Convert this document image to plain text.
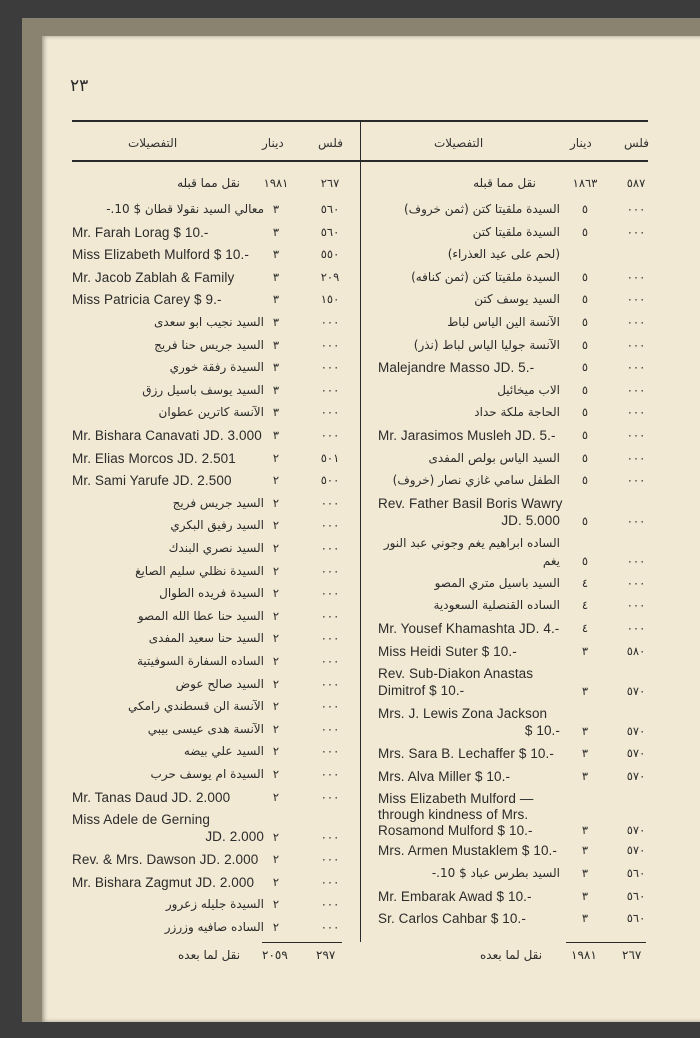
٢٣
فلس
دينار
التفصيلات
فلس
دينار
التفصيلات
٥٨٧
١٨٦٣
نقل مما قبله
٠٠٠
٥
السيدة ملقيتا كتن (ثمن خروف)
٠٠٠
٥
السيدة ملقيتا كتن
(لحم على عيد العذراء)
٠٠٠
٥
السيدة ملقيتا كتن (ثمن كنافه)
٠٠٠
٥
السيد يوسف كتن
٠٠٠
٥
الآنسة الين الياس لباط
٠٠٠
٥
الآنسة جوليا الياس لباط (نذر)
٠٠٠
٥
Malejandre Masso JD. 5.-
٠٠٠
٥
الاب ميخائيل
٠٠٠
٥
الحاجة ملكة حداد
٠٠٠
٥
Mr. Jarasimos Musleh JD. 5.-
٠٠٠
٥
السيد الياس بولص المفدى
٠٠٠
٥
الطفل سامي غازي نصار (خروف)
٠٠٠
٥
Rev. Father Basil Boris Wawry
JD. 5.000
٠٠٠
٥
الساده ابراهيم يغم وجوني عبد النور
يغم
٠٠٠
٤
السيد باسيل متري المصو
٠٠٠
٤
الساده القنصلية السعودية
٠٠٠
٤
Mr. Yousef Khamashta JD. 4.-
٥٨٠
٣
Miss Heidi Suter $ 10.-
٥٧٠
٣
Rev. Sub-Diakon Anastas
Dimitrof $ 10.-
٥٧٠
٣
Mrs. J. Lewis Zona Jackson
$ 10.-
٥٧٠
٣
Mrs. Sara B. Lechaffer $ 10.-
٥٧٠
٣
Mrs. Alva Miller $ 10.-
٥٧٠
٣
Miss Elizabeth Mulford —
through kindness of Mrs.
Rosamond Mulford $ 10.-
٥٧٠
٣
Mrs. Armen Mustaklem $ 10.-
٥٦٠
٣
السيد بطرس عباد $ 10.-
٥٦٠
٣
Mr. Embarak Awad $ 10.-
٥٦٠
٣
Sr. Carlos Cahbar $ 10.-
٢٦٧
١٩٨١
نقل مما قبله
٥٦٠
٣
معالي السيد نقولا قطان $ 10.-
٥٦٠
٣
Mr. Farah Lorag $ 10.-
٥٥٠
٣
Miss Elizabeth Mulford $ 10.-
٢٠٩
٣
Mr. Jacob Zablah & Family
١٥٠
٣
Miss Patricia Carey $ 9.-
٠٠٠
٣
السيد نجيب ابو سعدى
٠٠٠
٣
السيد جريس حنا فريج
٠٠٠
٣
السيدة رفقة خوري
٠٠٠
٣
السيد يوسف باسيل رزق
٠٠٠
٣
الآنسة كاترين عطوان
٠٠٠
٣
Mr. Bishara Canavati JD. 3.000
٥٠١
٢
Mr. Elias Morcos JD. 2.501
٥٠٠
٢
Mr. Sami Yarufe JD. 2.500
٠٠٠
٢
السيد جريس فريج
٠٠٠
٢
السيد رفيق البكري
٠٠٠
٢
السيد نصري البندك
٠٠٠
٢
السيدة نظلي سليم الصايغ
٠٠٠
٢
السيدة فريده الطوال
٠٠٠
٢
السيد حنا عطا الله المصو
٠٠٠
٢
السيد حنا سعيد المفدى
٠٠٠
٢
الساده السفارة السوفيتية
٠٠٠
٢
السيد صالح عوض
٠٠٠
٢
الآنسة الن قسطندي رامكي
٠٠٠
٢
الآنسة هدى عيسى بيبي
٠٠٠
٢
السيد علي بيضه
٠٠٠
٢
السيدة ام يوسف حرب
٠٠٠
٢
Mr. Tanas Daud JD. 2.000
٠٠٠
٢
Miss Adele de Gerning
JD. 2.000
٠٠٠
٢
Rev. & Mrs. Dawson JD. 2.000
٠٠٠
٢
Mr. Bishara Zagmut JD. 2.000
٠٠٠
٢
السيدة جليله زعرور
٠٠٠
٢
الساده صافيه وزرزر
٢٦٧
١٩٨١
نقل لما بعده
٢٩٧
٢٠٥٩
نقل لما بعده
